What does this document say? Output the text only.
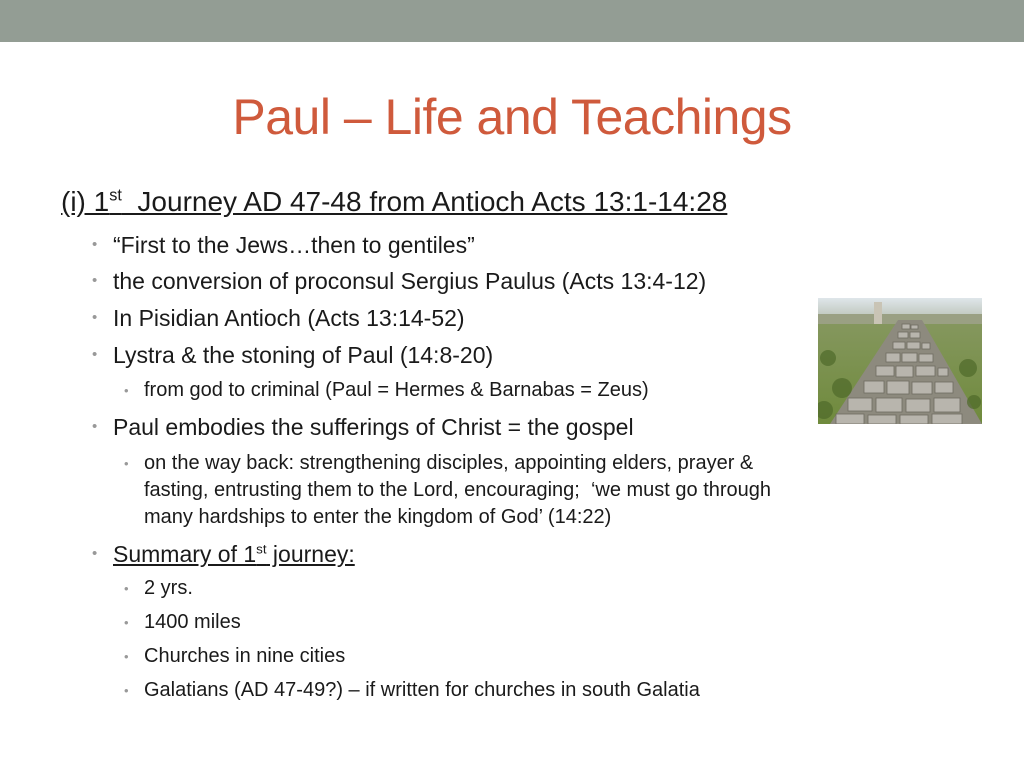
Paul – Life and Teachings
(i) 1st  Journey AD 47-48 from Antioch Acts 13:1-14:28
• “First to the Jews…then to gentiles”
• the conversion of proconsul Sergius Paulus (Acts 13:4-12)
• In Pisidian Antioch (Acts 13:14-52)
• Lystra & the stoning of Paul (14:8-20)
• from god to criminal (Paul = Hermes & Barnabas = Zeus)
• Paul embodies the sufferings of Christ = the gospel
• on the way back: strengthening disciples, appointing elders, prayer &
fasting, entrusting them to the Lord, encouraging;  ‘we must go through
many hardships to enter the kingdom of God’ (14:22)
• Summary of 1st journey:
• 2 yrs.
• 1400 miles
• Churches in nine cities
• Galatians (AD 47-49?) – if written for churches in south Galatia
